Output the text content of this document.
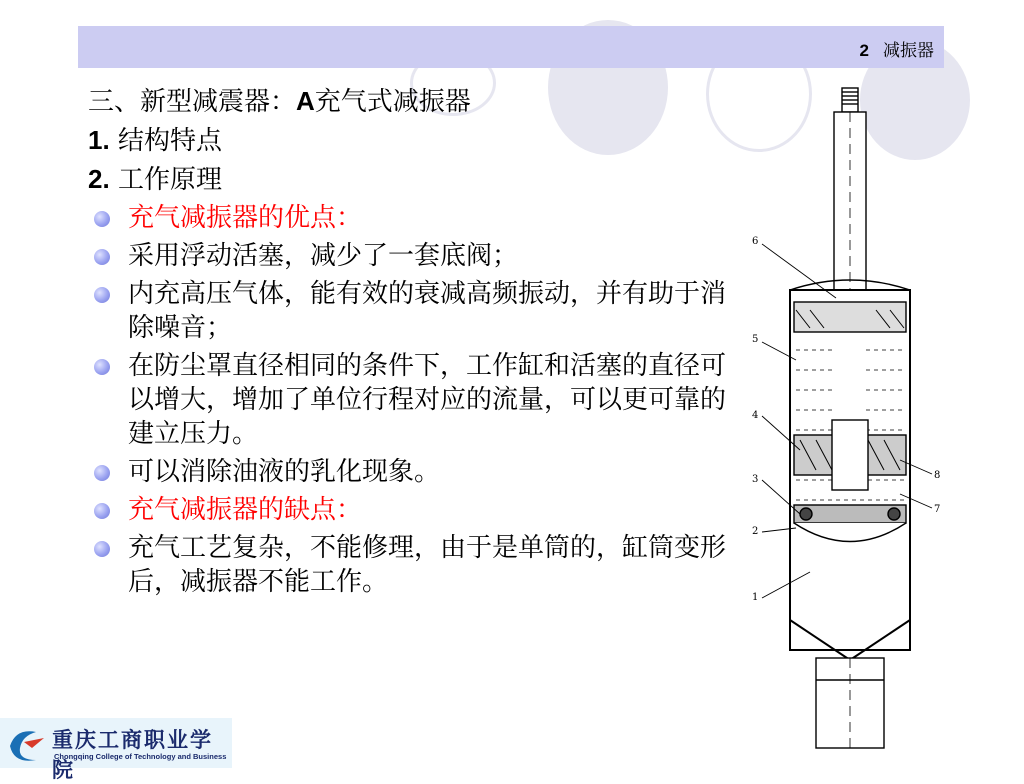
2 减振器
三、新型减震器：A充气式减振器
1. 结构特点
2. 工作原理
充气减振器的优点：
采用浮动活塞，减少了一套底阀；
内充高压气体，能有效的衰减高频振动，并有助于消除噪音；
在防尘罩直径相同的条件下，工作缸和活塞的直径可以增大，增加了单位行程对应的流量，可以更可靠的建立压力。
可以消除油液的乳化现象。
充气减振器的缺点：
充气工艺复杂，不能修理，由于是单筒的，缸筒变形后，减振器不能工作。
6
5
4
3
2
1
8
7
重庆工商职业学院
Chongqing College of Technology and Business
